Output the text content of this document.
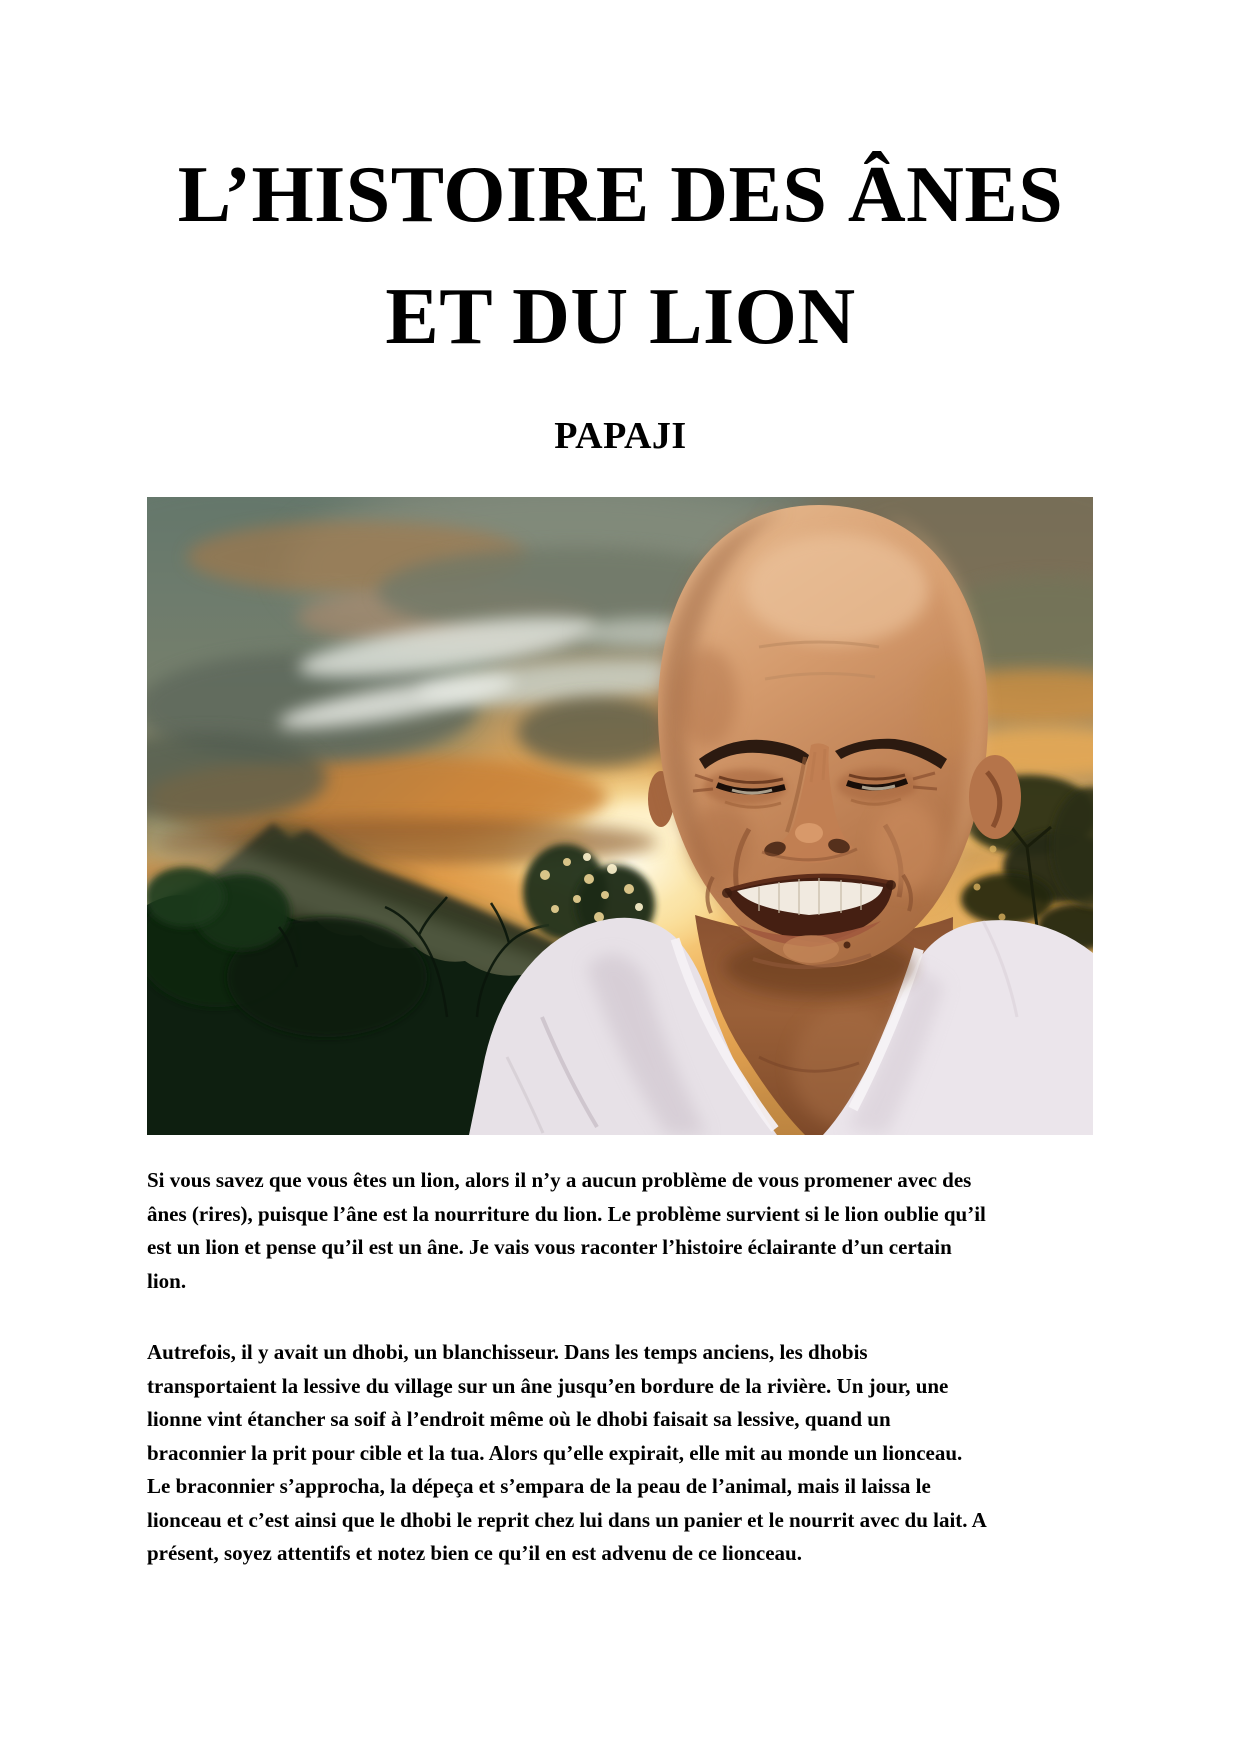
L’HISTOIRE DES ÂNES
ET DU LION
PAPAJI
Si vous savez que vous êtes un lion, alors il n’y a aucun problème de vous promener avec des
ânes (rires), puisque l’âne est la nourriture du lion. Le problème survient si le lion oublie qu’il
est un lion et pense qu’il est un âne. Je vais vous raconter l’histoire éclairante d’un certain
lion.
Autrefois, il y avait un dhobi, un blanchisseur. Dans les temps anciens, les dhobis
transportaient la lessive du village sur un âne jusqu’en bordure de la rivière. Un jour, une
lionne vint étancher sa soif à l’endroit même où le dhobi faisait sa lessive, quand un
braconnier la prit pour cible et la tua. Alors qu’elle expirait, elle mit au monde un lionceau.
Le braconnier s’approcha, la dépeça et s’empara de la peau de l’animal, mais il laissa le
lionceau et c’est ainsi que le dhobi le reprit chez lui dans un panier et le nourrit avec du lait. A
présent, soyez attentifs et notez bien ce qu’il en est advenu de ce lionceau.
